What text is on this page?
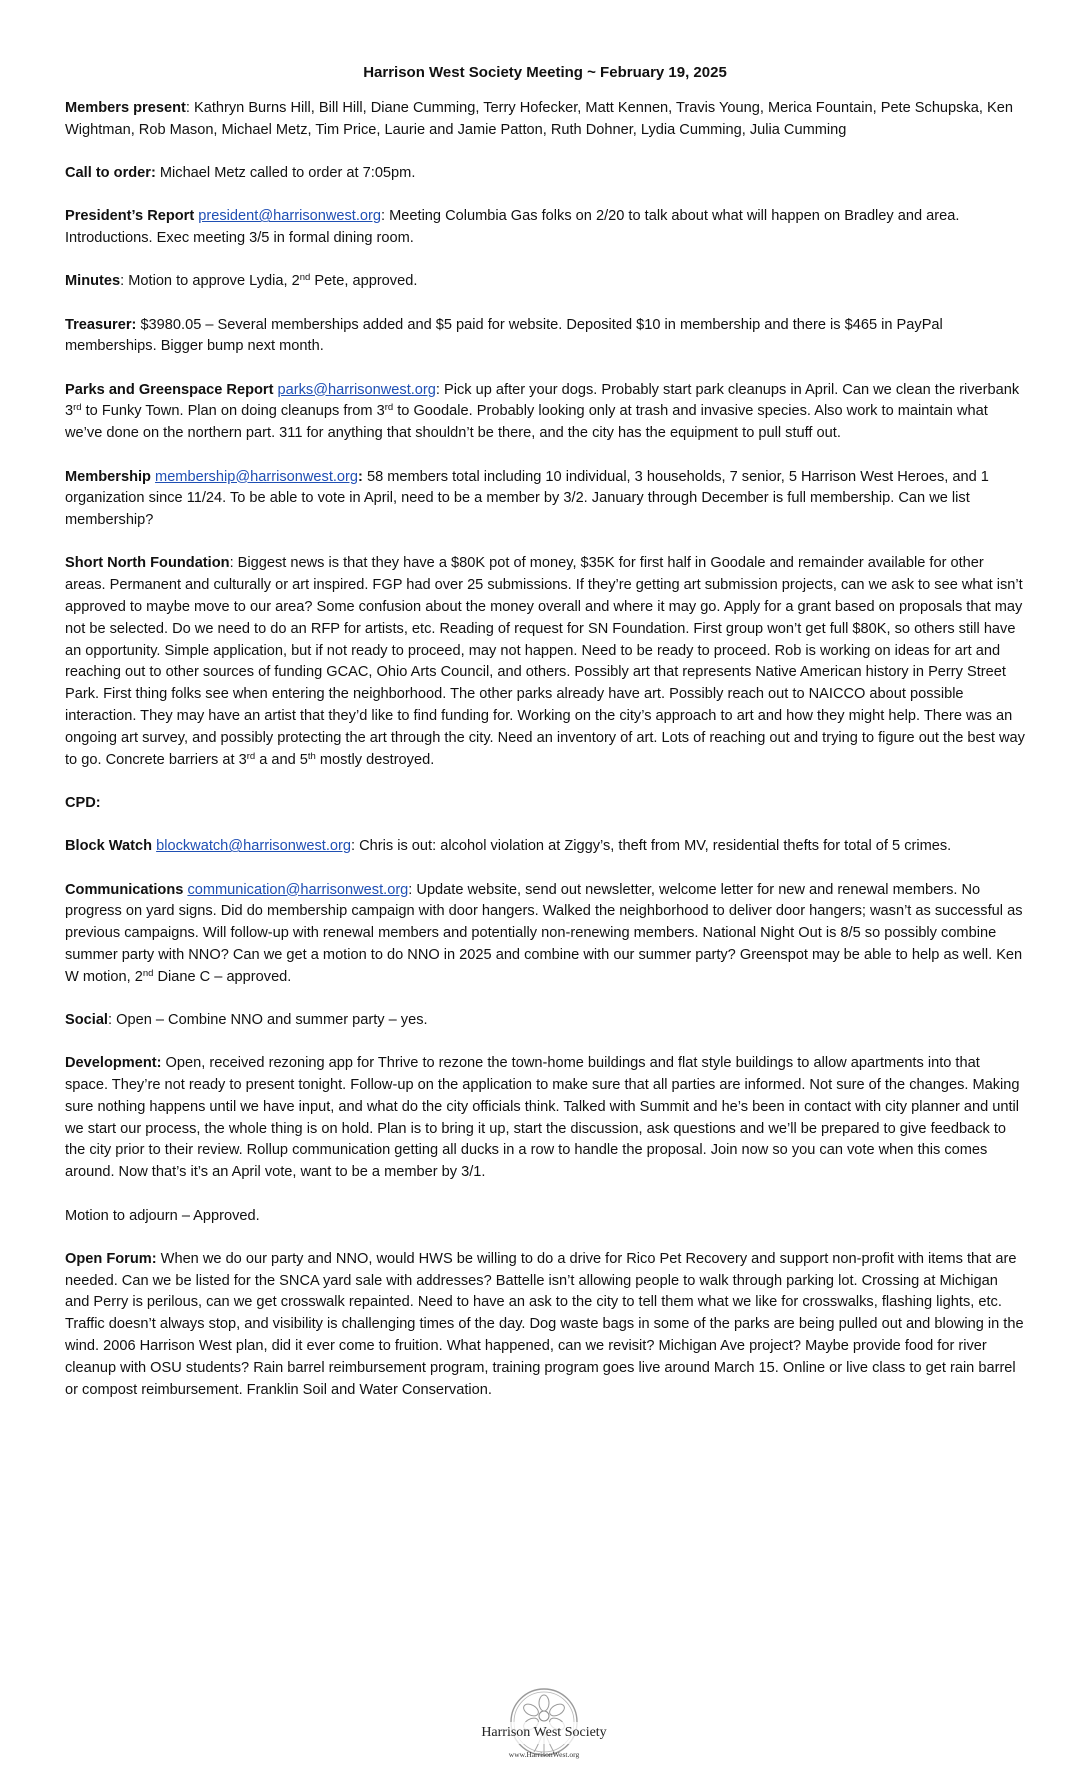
Harrison West Society Meeting ~ February 19, 2025

Members present: Kathryn Burns Hill, Bill Hill, Diane Cumming, Terry Hofecker, Matt Kennen, Travis Young, Merica Fountain, Pete Schupska, Ken Wightman, Rob Mason, Michael Metz, Tim Price, Laurie and Jamie Patton, Ruth Dohner, Lydia Cumming, Julia Cumming

Call to order: Michael Metz called to order at 7:05pm.

President’s Report president@harrisonwest.org: Meeting Columbia Gas folks on 2/20 to talk about what will happen on Bradley and area. Introductions. Exec meeting 3/5 in formal dining room.

Minutes: Motion to approve Lydia, 2nd Pete, approved.

Treasurer: $3980.05 – Several memberships added and $5 paid for website. Deposited $10 in membership and there is $465 in PayPal memberships. Bigger bump next month.

Parks and Greenspace Report parks@harrisonwest.org: Pick up after your dogs. Probably start park cleanups in April. Can we clean the riverbank 3rd to Funky Town. Plan on doing cleanups from 3rd to Goodale. Probably looking only at trash and invasive species. Also work to maintain what we’ve done on the northern part. 311 for anything that shouldn’t be there, and the city has the equipment to pull stuff out.

Membership membership@harrisonwest.org: 58 members total including 10 individual, 3 households, 7 senior, 5 Harrison West Heroes, and 1 organization since 11/24. To be able to vote in April, need to be a member by 3/2. January through December is full membership. Can we list membership?

Short North Foundation: Biggest news is that they have a $80K pot of money, $35K for first half in Goodale and remainder available for other areas. Permanent and culturally or art inspired. FGP had over 25 submissions. If they’re getting art submission projects, can we ask to see what isn’t approved to maybe move to our area? Some confusion about the money overall and where it may go. Apply for a grant based on proposals that may not be selected. Do we need to do an RFP for artists, etc. Reading of request for SN Foundation. First group won’t get full $80K, so others still have an opportunity. Simple application, but if not ready to proceed, may not happen. Need to be ready to proceed. Rob is working on ideas for art and reaching out to other sources of funding GCAC, Ohio Arts Council, and others. Possibly art that represents Native American history in Perry Street Park. First thing folks see when entering the neighborhood. The other parks already have art. Possibly reach out to NAICCO about possible interaction. They may have an artist that they’d like to find funding for. Working on the city’s approach to art and how they might help. There was an ongoing art survey, and possibly protecting the art through the city. Need an inventory of art. Lots of reaching out and trying to figure out the best way to go. Concrete barriers at 3rd a and 5th mostly destroyed.

CPD:

Block Watch blockwatch@harrisonwest.org: Chris is out: alcohol violation at Ziggy’s, theft from MV, residential thefts for total of 5 crimes.

Communications communication@harrisonwest.org: Update website, send out newsletter, welcome letter for new and renewal members. No progress on yard signs. Did do membership campaign with door hangers. Walked the neighborhood to deliver door hangers; wasn’t as successful as previous campaigns. Will follow-up with renewal members and potentially non-renewing members. National Night Out is 8/5 so possibly combine summer party with NNO? Can we get a motion to do NNO in 2025 and combine with our summer party? Greenspot may be able to help as well. Ken W motion, 2nd Diane C – approved.

Social: Open – Combine NNO and summer party – yes.

Development: Open, received rezoning app for Thrive to rezone the town-home buildings and flat style buildings to allow apartments into that space. They’re not ready to present tonight. Follow-up on the application to make sure that all parties are informed. Not sure of the changes. Making sure nothing happens until we have input, and what do the city officials think. Talked with Summit and he’s been in contact with city planner and until we start our process, the whole thing is on hold. Plan is to bring it up, start the discussion, ask questions and we’ll be prepared to give feedback to the city prior to their review. Rollup communication getting all ducks in a row to handle the proposal. Join now so you can vote when this comes around. Now that’s it’s an April vote, want to be a member by 3/1.

Motion to adjourn – Approved.

Open Forum: When we do our party and NNO, would HWS be willing to do a drive for Rico Pet Recovery and support non-profit with items that are needed. Can we be listed for the SNCA yard sale with addresses? Battelle isn’t allowing people to walk through parking lot. Crossing at Michigan and Perry is perilous, can we get crosswalk repainted. Need to have an ask to the city to tell them what we like for crosswalks, flashing lights, etc. Traffic doesn’t always stop, and visibility is challenging times of the day. Dog waste bags in some of the parks are being pulled out and blowing in the wind. 2006 Harrison West plan, did it ever come to fruition. What happened, can we revisit? Michigan Ave project? Maybe provide food for river cleanup with OSU students? Rain barrel reimbursement program, training program goes live around March 15. Online or live class to get rain barrel or compost reimbursement. Franklin Soil and Water Conservation.

Harrison West Society
www.HarrisonWest.org
